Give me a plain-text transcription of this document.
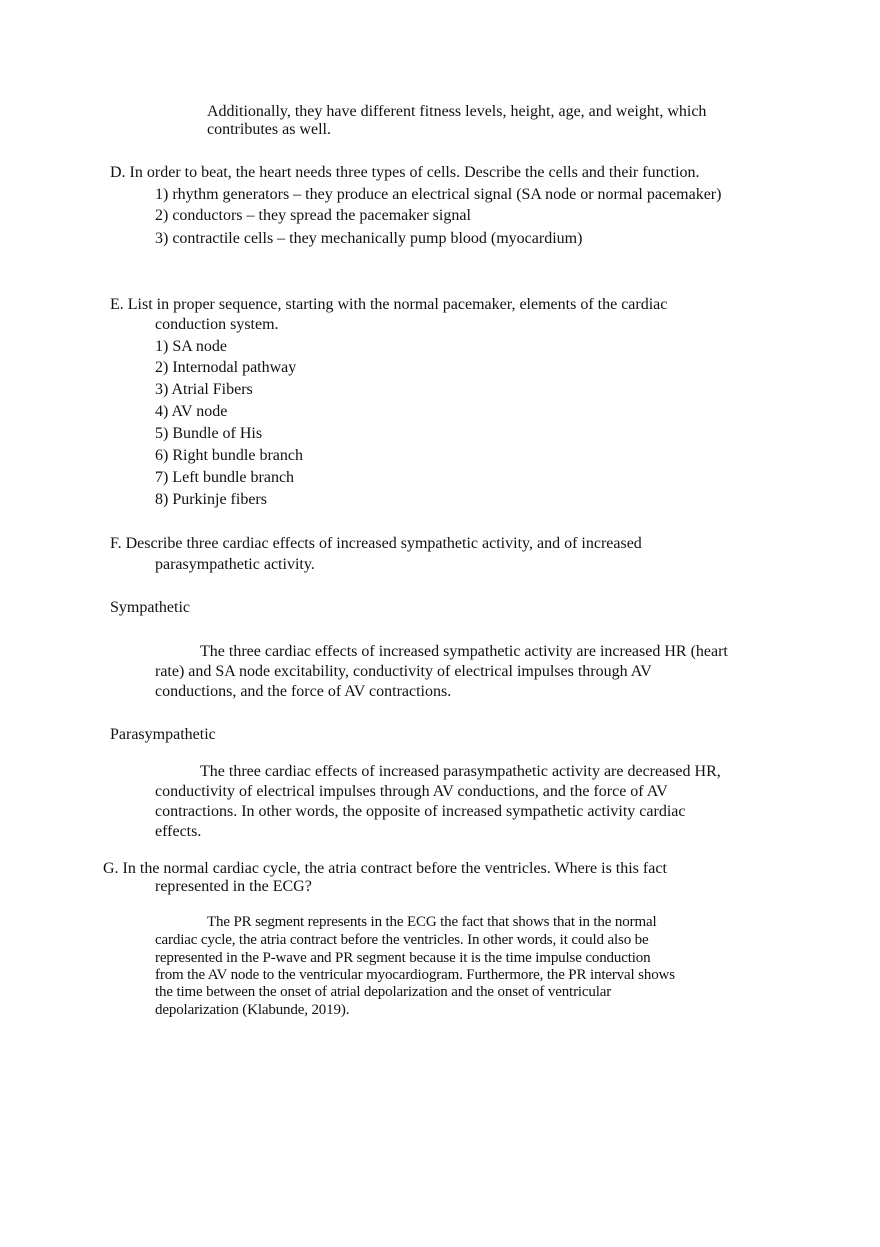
Additionally, they have different fitness levels, height, age, and weight, which
contributes as well.
D. In order to beat, the heart needs three types of cells. Describe the cells and their function.
1) rhythm generators – they produce an electrical signal (SA node or normal pacemaker)
2) conductors – they spread the pacemaker signal
3) contractile cells – they mechanically pump blood (myocardium)
E. List in proper sequence, starting with the normal pacemaker, elements of the cardiac
conduction system.
1) SA node
2) Internodal pathway
3) Atrial Fibers
4) AV node
5) Bundle of His
6) Right bundle branch
7) Left bundle branch
8) Purkinje fibers
F. Describe three cardiac effects of increased sympathetic activity, and of increased
parasympathetic activity.
Sympathetic
The three cardiac effects of increased sympathetic activity are increased HR (heart
rate) and SA node excitability, conductivity of electrical impulses through AV
conductions, and the force of AV contractions.
Parasympathetic
The three cardiac effects of increased parasympathetic activity are decreased HR,
conductivity of electrical impulses through AV conductions, and the force of AV
contractions. In other words, the opposite of increased sympathetic activity cardiac
effects.
G. In the normal cardiac cycle, the atria contract before the ventricles. Where is this fact
represented in the ECG?
The PR segment represents in the ECG the fact that shows that in the normal
cardiac cycle, the atria contract before the ventricles. In other words, it could also be
represented in the P-wave and PR segment because it is the time impulse conduction
from the AV node to the ventricular myocardiogram. Furthermore, the PR interval shows
the time between the onset of atrial depolarization and the onset of ventricular
depolarization (Klabunde, 2019).
